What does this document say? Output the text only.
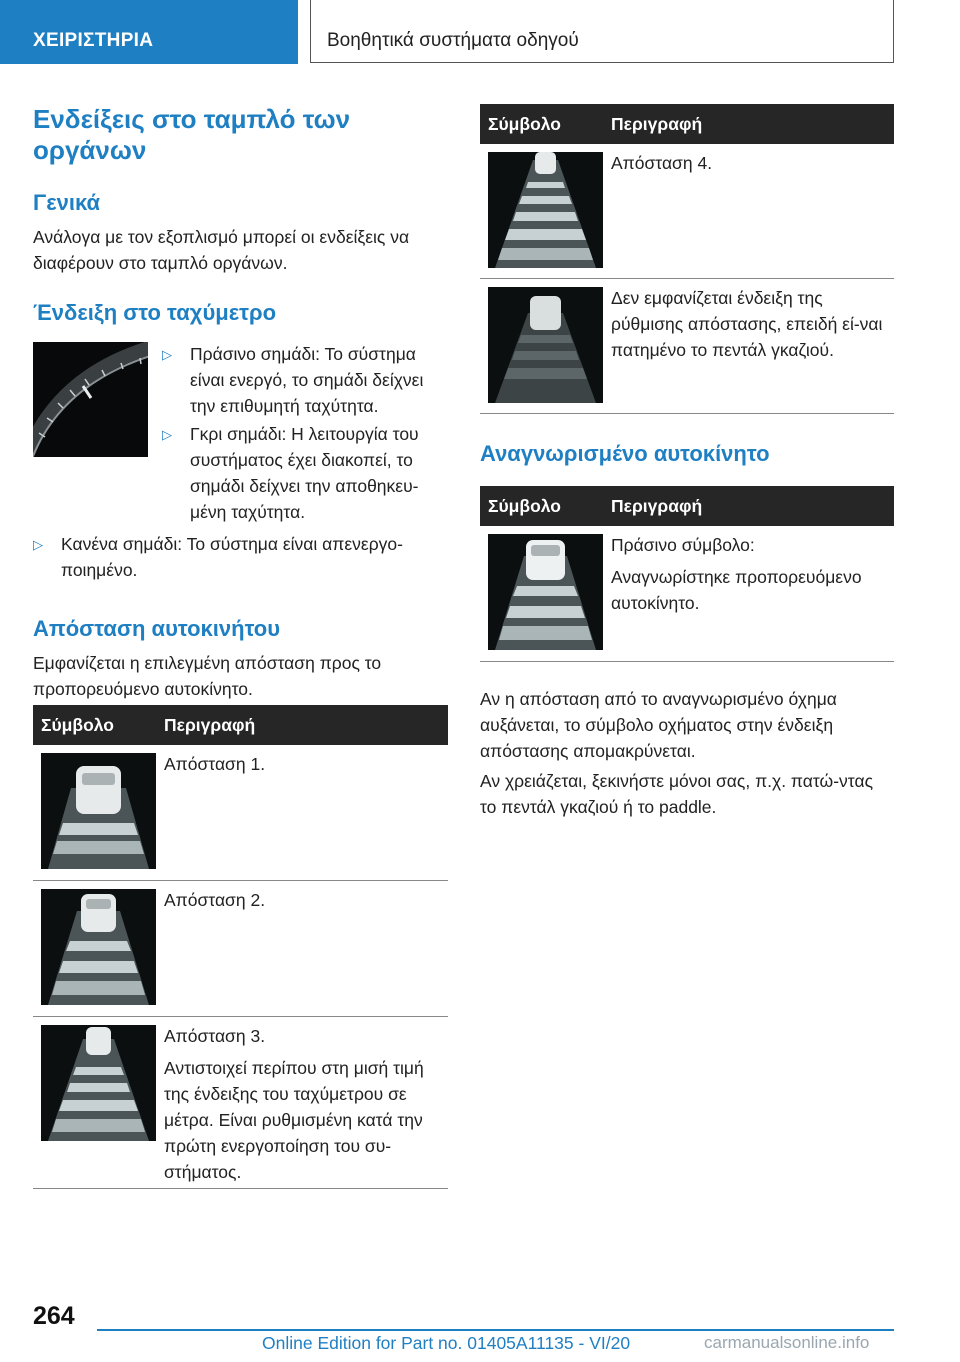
ΧΕΙΡΙΣΤΗΡΙΑ	Βοηθητικά συστήματα οδηγού
Ενδείξεις στο ταμπλό των
οργάνων
Γενικά

Ανάλογα με τον εξοπλισμό μπορεί οι ενδείξεις να διαφέρουν στο ταμπλό οργάνων.

Ένδειξη στο ταχύμετρο
▷ Πράσινο σημάδι: Το σύστημα είναι ενεργό, το σημάδι δείχνει την επιθυμητή ταχύτητα.
▷ Γκρι σημάδι: Η λειτουργία του συστήματος έχει διακοπεί, το σημάδι δείχνει την αποθηκευ-μένη ταχύτητα.
▷ Κανένα σημάδι: Το σύστημα είναι απενεργο-ποιημένο.
Απόσταση αυτοκινήτου

Εμφανίζεται η επιλεγμένη απόσταση προς το προπορευόμενο αυτοκίνητο.

Σύμβολο	Περιγραφή

Απόσταση 1.

Απόσταση 2.

Απόσταση 3.

Αντιστοιχεί περίπου στη μισή τιμή της ένδειξης του ταχύμετρου σε μέτρα. Είναι ρυθμισμένη κατά την πρώτη ενεργοποίηση του συ-στήματος.

Σύμβολο	Περιγραφή

Απόσταση 4.

Δεν εμφανίζεται ένδειξη της ρύθμισης απόστασης, επειδή εί-ναι πατημένο το πεντάλ γκαζιού.

Αναγνωρισμένο αυτοκίνητο
Σύμβολο	Περιγραφή

Πράσινο σύμβολο:

Αναγνωρίστηκε προπορευόμενο αυτοκίνητο.

Αν η απόσταση από το αναγνωρισμένο όχημα αυξάνεται, το σύμβολο οχήματος στην ένδειξη απόστασης απομακρύνεται.

Αν χρειάζεται, ξεκινήστε μόνοι σας, π.χ. πατώ-ντας το πεντάλ γκαζιού ή το paddle.

264
Online Edition for Part no. 01405A11135 - VI/20	carmanualsonline.info
